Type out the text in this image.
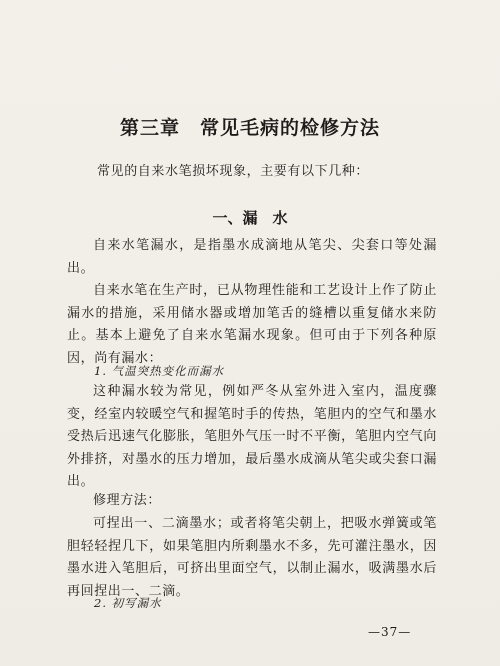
第三章　常见毛病的检修方法
常见的自来水笔损坏现象，主要有以下几种：
一、漏　水

自来水笔漏水，是指墨水成滴地从笔尖、尖套口等处漏出。

自来水笔在生产时，已从物理性能和工艺设计上作了防止漏水的措施，采用储水器或增加笔舌的缝槽以重复储水来防止。基本上避免了自来水笔漏水现象。但可由于下列各种原因，尚有漏水：

1. 气温突热变化而漏水

这种漏水较为常见，例如严冬从室外进入室内，温度骤变，经室内较暖空气和握笔时手的传热，笔胆内的空气和墨水受热后迅速气化膨胀，笔胆外气压一时不平衡，笔胆内空气向外排挤，对墨水的压力增加，最后墨水成滴从笔尖或尖套口漏出。

修理方法：

可捏出一、二滴墨水；或者将笔尖朝上，把吸水弹簧或笔胆轻轻捏几下，如果笔胆内所剩墨水不多，先可灌注墨水，因墨水进入笔胆后，可挤出里面空气，以制止漏水，吸满墨水后再回捏出一、二滴。

2. 初写漏水
—37—
